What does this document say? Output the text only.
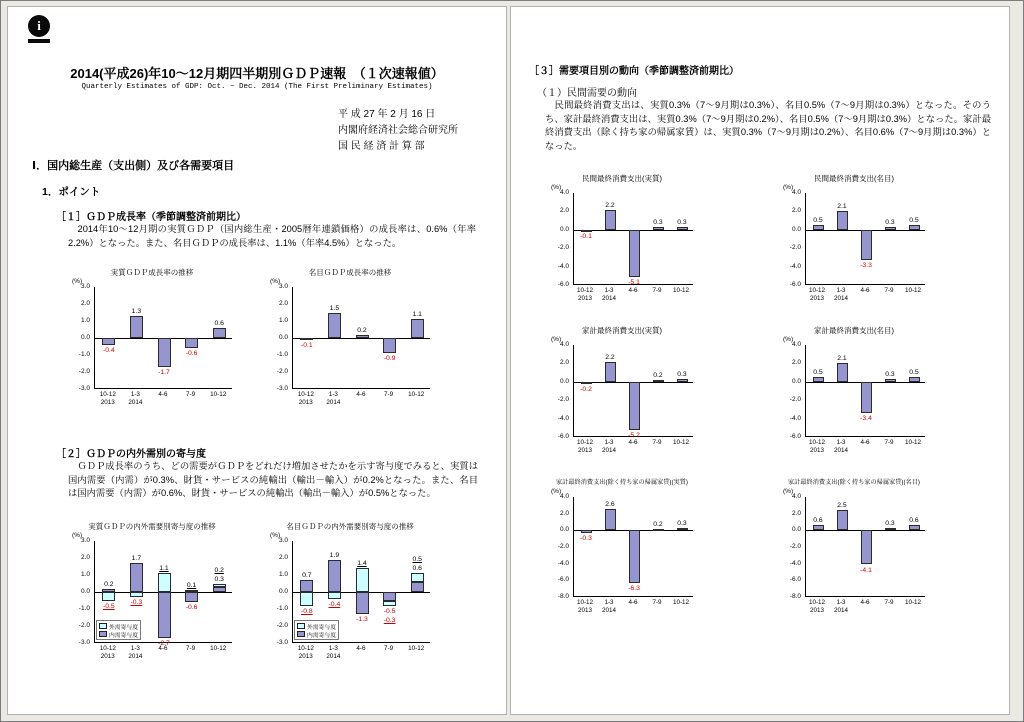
i
2014(平成26)年10～12月期四半期別ＧＤＰ速報　（１次速報値）
Quarterly Estimates of GDP: Oct. ~ Dec. 2014 (The First Preliminary Estimates)
平 成 27 年 2 月 16 日
内閣府経済社会総合研究所
国 民 経 済 計 算 部
Ⅰ．国内総生産（支出側）及び各需要項目
1．ポイント
［１］ＧＤＰ成長率（季節調整済前期比）
　2014年10～12月期の実質ＧＤＰ（国内総生産・2005暦年連鎖価格）の成長率は、0.6%（年率2.2%）となった。また、名目ＧＤＰの成長率は、1.1%（年率4.5%）となった。
実質ＧＤＰ成長率の推移
(%)
3.0
2.0
1.0
0.0
-1.0
-2.0
-3.0
-0.4
1.3
-1.7
-0.6
0.6
10-12
2013
1-3
2014
4-6	7-9	10-12
名目ＧＤＰ成長率の推移
(%)
3.0
2.0
1.0
0.0
-1.0
-2.0
-3.0
-0.1
1.5
0.2
-0.9
1.1
10-12
2013
1-3
2014
4-6	7-9	10-12
［２］ＧＤＰの内外需別の寄与度
　ＧＤＰ成長率のうち、どの需要がＧＤＰをどれだけ増加させたかを示す寄与度でみると、実質は国内需要（内需）が0.3%、財貨・サービスの純輸出（輸出－輸入）が0.2%となった。また、名目は国内需要（内需）が0.6%、財貨・サービスの純輸出（輸出－輸入）が0.5%となった。
実質ＧＤＰの内外需要別寄与度の推移
(%)
3.0
2.0
1.0
0.0
-1.0
-2.0
-3.0
0.2
-0.5
1.7
-0.3
1.1
-2.7
0.1
-0.6
0.2
0.3
外需寄与度
内需寄与度
10-12
2013
1-3
2014
4-6	7-9	10-12
名目ＧＤＰの内外需要別寄与度の推移
(%)
3.0
2.0
1.0
0.0
-1.0
-2.0
-3.0
0.7
-0.8
1.9
-0.4
1.4
-1.3
-0.5
-0.3
0.5
0.6
外需寄与度
内需寄与度
10-12
2013
1-3
2014
4-6	7-9	10-12
［３］需要項目別の動向（季節調整済前期比）
（１）民間需要の動向
　民間最終消費支出は、実質0.3%（7～9月期は0.3%）、名目0.5%（7～9月期は0.3%）となった。そのうち、家計最終消費支出は、実質0.3%（7～9月期は0.2%）、名目0.5%（7～9月期は0.3%）となった。家計最終消費支出（除く持ち家の帰属家賃）は、実質0.3%（7～9月期は0.2%）、名目0.6%（7～9月期は0.3%）となった。
民間最終消費支出(実質)
(%)
4.0
2.0
0.0
-2.0
-4.0
-6.0
-0.1
2.2
-5.1
0.3	0.3
10-12
2013
1-3
2014
4-6	7-9	10-12
民間最終消費支出(名目)
(%)
4.0
2.0
0.0
-2.0
-4.0
-6.0
0.5
2.1
-3.3
0.3	0.5
10-12
2013
1-3
2014
4-6	7-9	10-12
家計最終消費支出(実質)
(%)
4.0
2.0
0.0
-2.0
-4.0
-6.0
-0.2
2.2
-5.2
0.2	0.3
10-12
2013
1-3
2014
4-6	7-9	10-12
家計最終消費支出(名目)
(%)
4.0
2.0
0.0
-2.0
-4.0
-6.0
0.5
2.1
-3.4
0.3	0.5
10-12
2013
1-3
2014
4-6	7-9	10-12
家計最終消費支出(除く持ち家の帰属家賃)(実質)
(%)
4.0
2.0
0.0
-2.0
-4.0
-6.0
-8.0
-0.3
2.6
-6.3
0.2	0.3
10-12
2013
1-3
2014
4-6	7-9	10-12
家計最終消費支出(除く持ち家の帰属家賃)(名目)
(%)
4.0
2.0
0.0
-2.0
-4.0
-6.0
-8.0
0.6
2.5
-4.1
0.3	0.6
10-12
2013
1-3
2014
4-6	7-9	10-12
